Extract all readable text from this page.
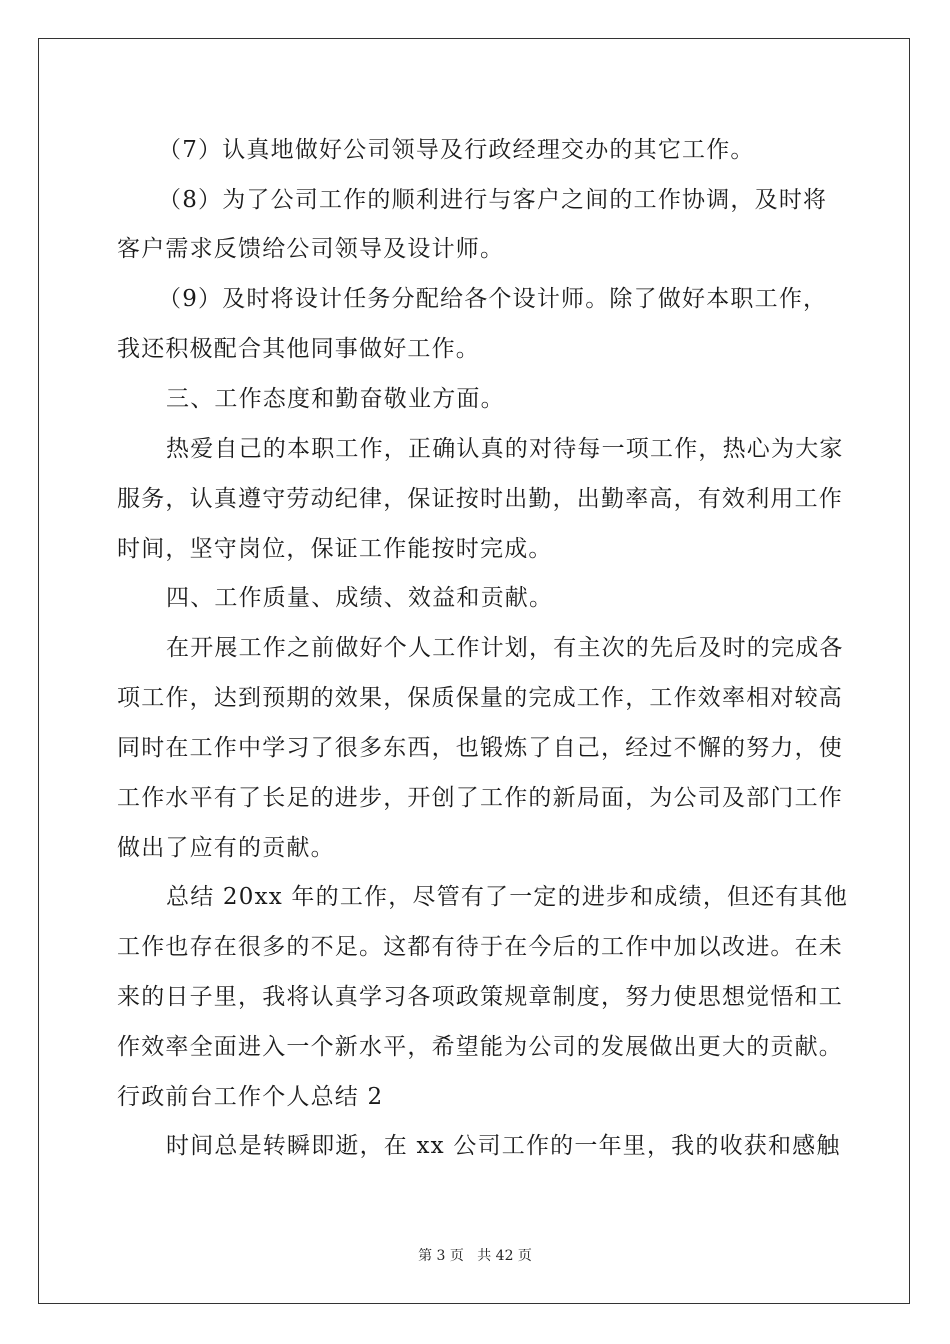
（7）认真地做好公司领导及行政经理交办的其它工作。
（8）为了公司工作的顺利进行与客户之间的工作协调，及时将
客户需求反馈给公司领导及设计师。
（9）及时将设计任务分配给各个设计师。除了做好本职工作，
我还积极配合其他同事做好工作。
三、工作态度和勤奋敬业方面。
热爱自己的本职工作，正确认真的对待每一项工作，热心为大家
服务，认真遵守劳动纪律，保证按时出勤，出勤率高，有效利用工作
时间，坚守岗位，保证工作能按时完成。
四、工作质量、成绩、效益和贡献。
在开展工作之前做好个人工作计划，有主次的先后及时的完成各
项工作，达到预期的效果，保质保量的完成工作，工作效率相对较高
同时在工作中学习了很多东西，也锻炼了自己，经过不懈的努力，使
工作水平有了长足的进步，开创了工作的新局面，为公司及部门工作
做出了应有的贡献。
总结 20xx 年的工作，尽管有了一定的进步和成绩，但还有其他
工作也存在很多的不足。这都有待于在今后的工作中加以改进。在未
来的日子里，我将认真学习各项政策规章制度，努力使思想觉悟和工
作效率全面进入一个新水平，希望能为公司的发展做出更大的贡献。
行政前台工作个人总结 2
时间总是转瞬即逝，在 xx 公司工作的一年里，我的收获和感触
第 3 页   共 42 页
